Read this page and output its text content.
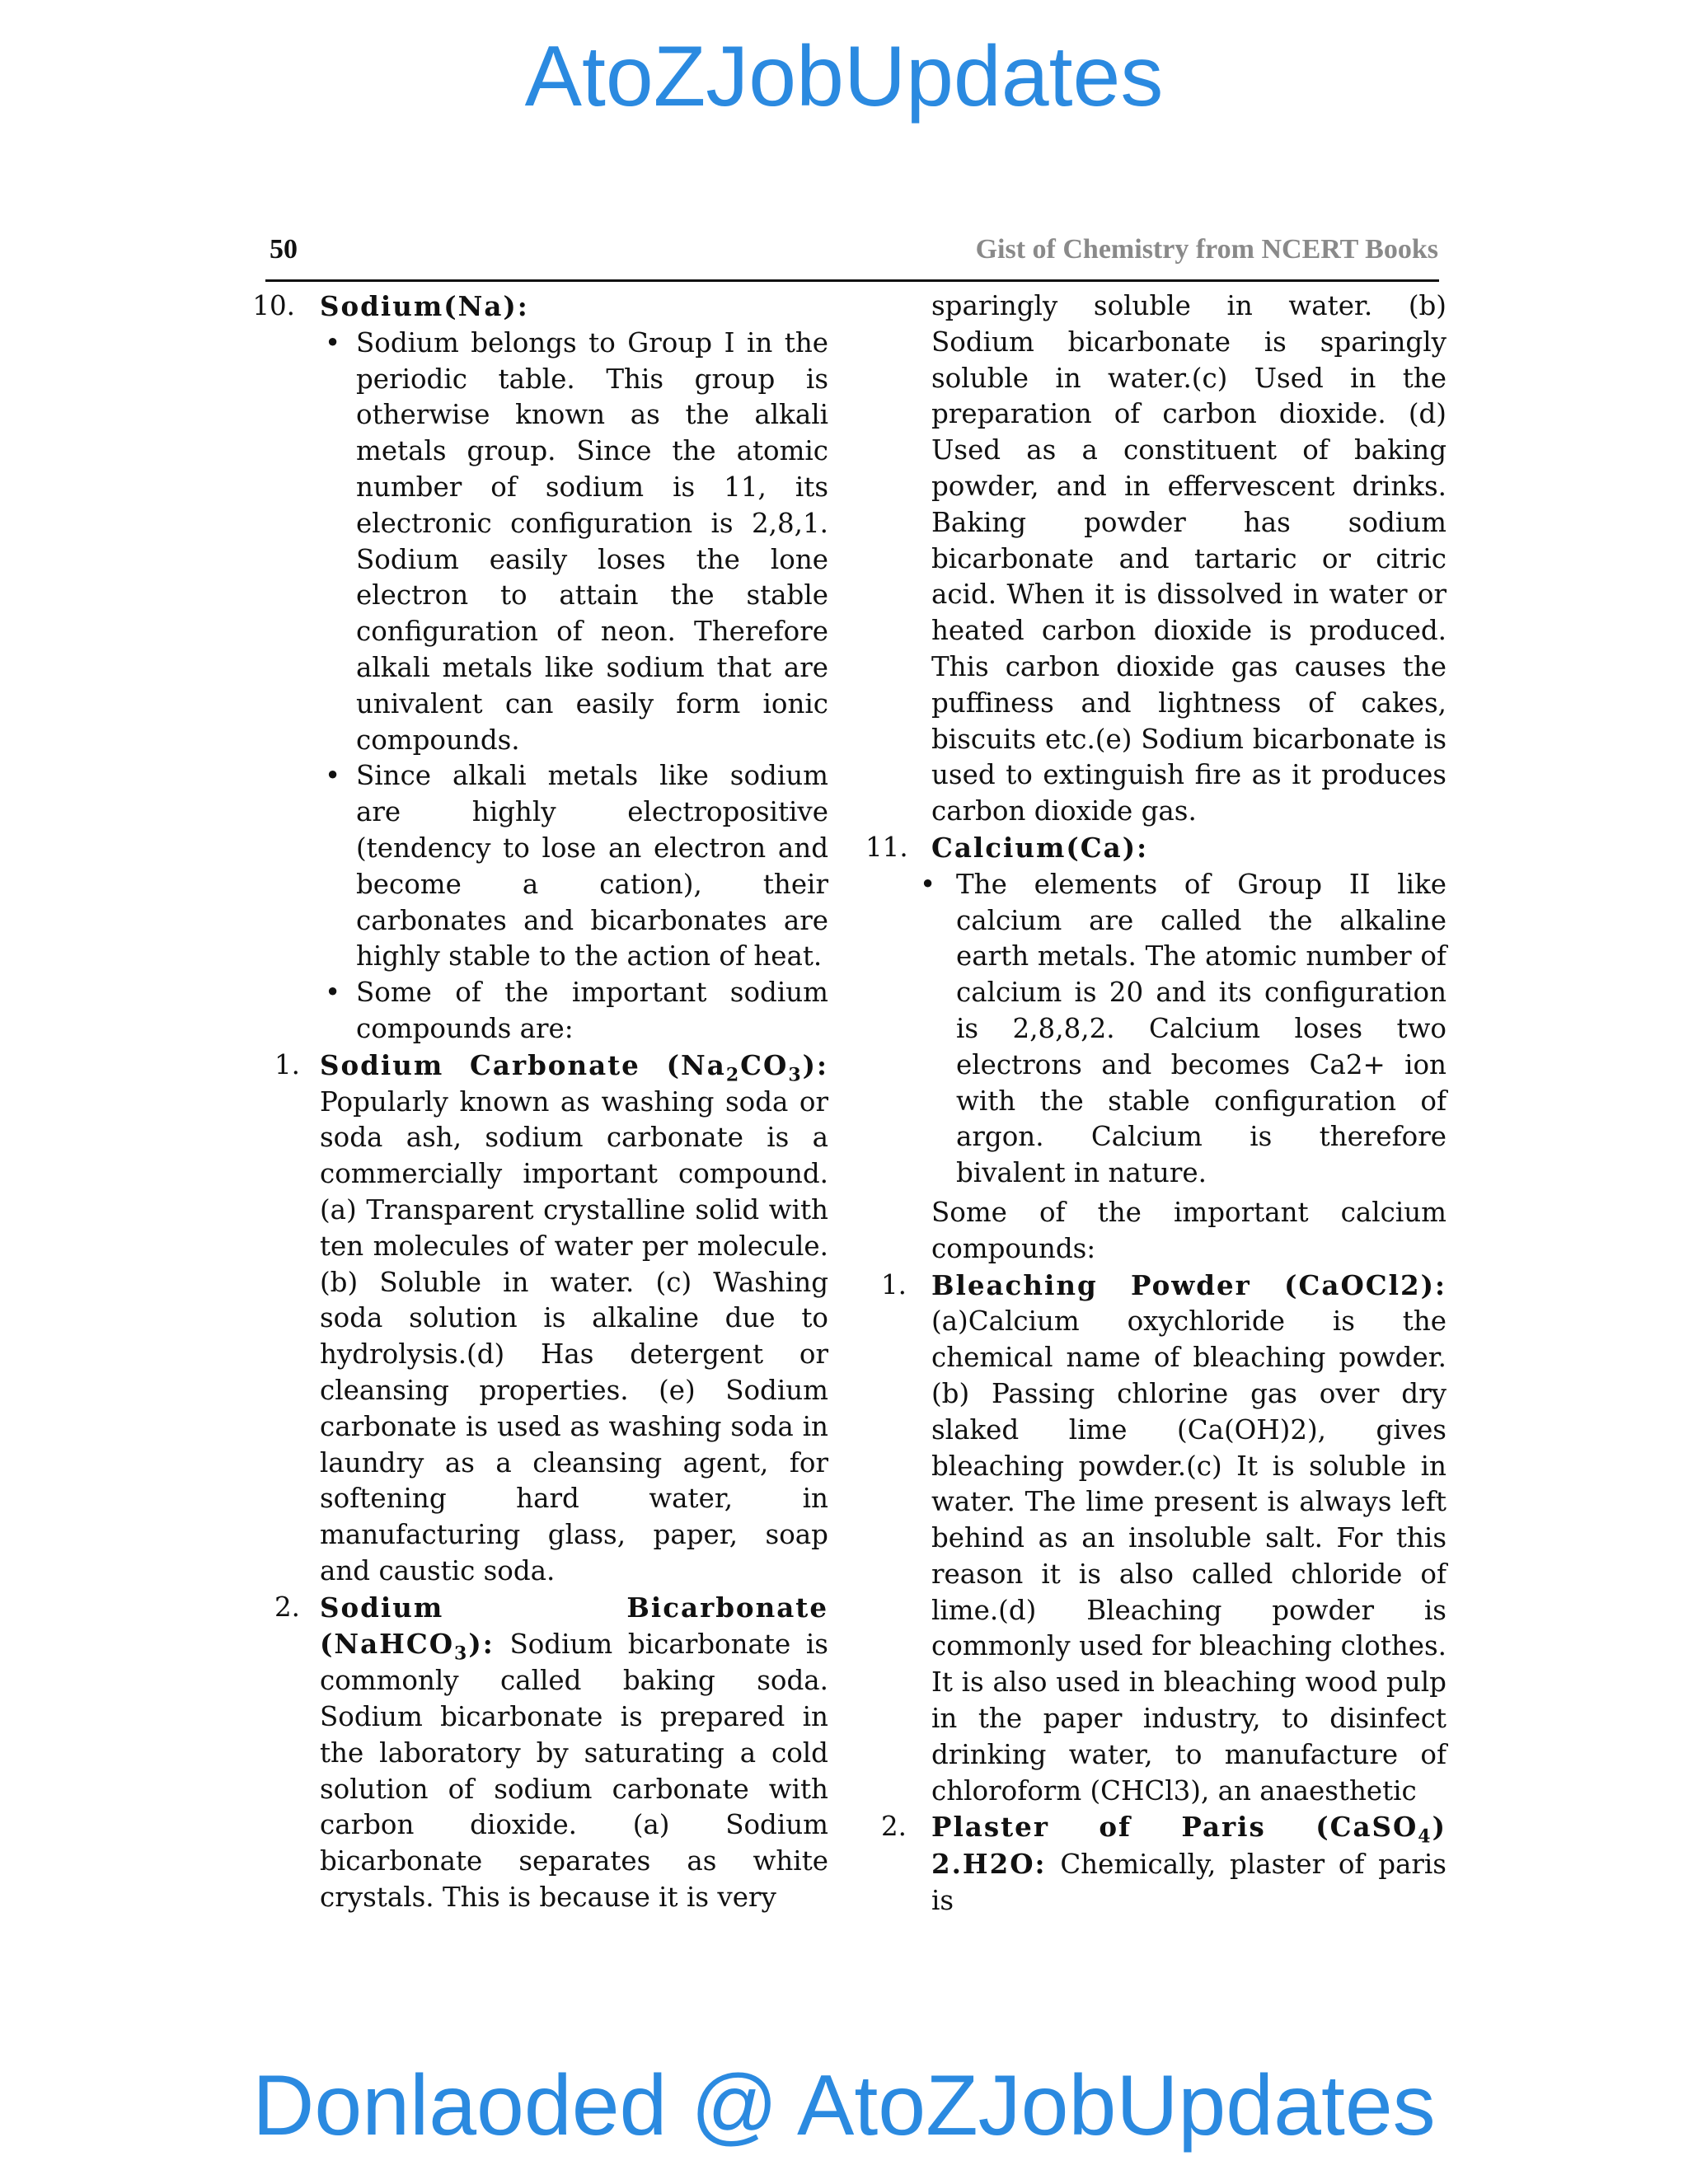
AtoZJobUpdates
50	Gist of Chemistry from NCERT Books
10. Sodium(Na):
• Sodium belongs to Group I in the periodic table. This group is otherwise known as the alkali metals group. Since the atomic number of sodium is 11, its electronic configuration is 2,8,1. Sodium easily loses the lone electron to attain the stable configuration of neon. Therefore alkali metals like sodium that are univalent can easily form ionic compounds.
• Since alkali metals like sodium are highly electropositive (tendency to lose an electron and become a cation), their carbonates and bicarbonates are highly stable to the action of heat.
• Some of the important sodium compounds are:
1. Sodium Carbonate $(Na_2CO_3)$: Popularly known as washing soda or soda ash, sodium carbonate is a commercially important compound. (a) Transparent crystalline solid with ten molecules of water per molecule. (b) Soluble in water. (c) Washing soda solution is alkaline due to hydrolysis.(d) Has detergent or cleansing properties. (e) Sodium carbonate is used as washing soda in laundry as a cleansing agent, for softening hard water, in manufacturing glass, paper, soap and caustic soda.
2. Sodium Bicarbonate (NaHCO$_3$): Sodium bicarbonate is commonly called baking soda. Sodium bicarbonate is prepared in the laboratory by saturating a cold solution of sodium carbonate with carbon dioxide. (a) Sodium bicarbonate separates as white crystals. This is because it is very
sparingly soluble in water. (b) Sodium bicarbonate is sparingly soluble in water.(c) Used in the preparation of carbon dioxide. (d) Used as a constituent of baking powder, and in effervescent drinks. Baking powder has sodium bicarbonate and tartaric or citric acid. When it is dissolved in water or heated carbon dioxide is produced. This carbon dioxide gas causes the puffiness and lightness of cakes, biscuits etc.(e) Sodium bicarbonate is used to extinguish fire as it produces carbon dioxide gas.
11. Calcium(Ca):
• The elements of Group II like calcium are called the alkaline earth metals. The atomic number of calcium is 20 and its configuration is 2,8,8,2. Calcium loses two electrons and becomes Ca2+ ion with the stable configuration of argon. Calcium is therefore bivalent in nature.
Some of the important calcium compounds:
1. Bleaching Powder (CaOCl2): (a)Calcium oxychloride is the chemical name of bleaching powder.(b) Passing chlorine gas over dry slaked lime (Ca(OH)2), gives bleaching powder.(c) It is soluble in water. The lime present is always left behind as an insoluble salt. For this reason it is also called chloride of lime.(d) Bleaching powder is commonly used for bleaching clothes. It is also used in bleaching wood pulp in the paper industry, to disinfect drinking water, to manufacture of chloroform (CHCl3), an anaesthetic
2. Plaster of Paris (CaSO$_4$) 2.H2O: Chemically, plaster of paris is
Donlaoded @ AtoZJobUpdates
